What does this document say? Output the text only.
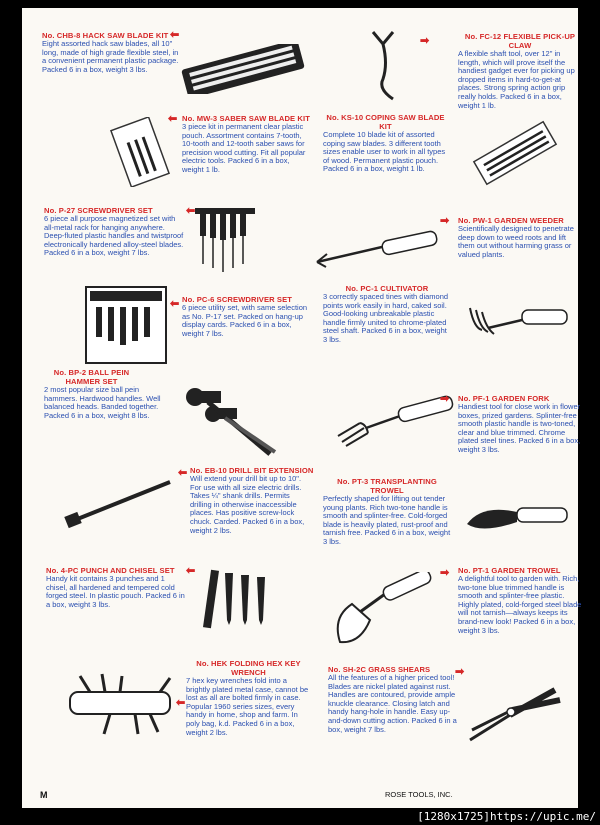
No. CHB-8 HACK SAW BLADE KIT
Eight assorted hack saw blades, all 10" long, made of high grade flexible steel, in a convenient permanent plastic package. Packed 6 in a box, weight 3 lbs.
⬅	➡	No. FC-12 FLEXIBLE PICK-UP CLAW
A flexible shaft tool, over 12" in length, which will prove itself the handiest gadget ever for picking up dropped items in hard-to-get-at places. Strong spring action grip really holds. Packed 6 in a box, weight 1 lb.
⬅ No. MW-3 SABER SAW BLADE KIT
3 piece kit in permanent clear plastic pouch. Assortment contains 7-tooth, 10-tooth and 12-tooth saber saws for precision wood cutting. Fit all popular electric tools. Packed 6 in a box, weight 1 lb.
No. KS-10 COPING SAW BLADE KIT
Complete 10 blade kit of assorted coping saw blades. 3 different tooth sizes enable user to work in all types of wood. Permanent plastic pouch. Packed 6 in a box, weight 1 lb.
No. P-27 SCREWDRIVER SET
6 piece all purpose magnetized set with all-metal rack for hanging anywhere. Deep-fluted plastic handles and twistproof electronically hardened alloy-steel blades. Packed 6 in a box, weight 7 lbs.
⬅
➡ No. PW-1 GARDEN WEEDER
Scientifically designed to penetrate deep down to weed roots and lift them out without harming grass or valued plants.
⬅ No. PC-6 SCREWDRIVER SET
6 piece utility set, with same selection as No. P-17 set. Packed on hang-up display cards. Packed 6 in a box, weight 7 lbs.
No. PC-1 CULTIVATOR
3 correctly spaced tines with diamond points work easily in hard, caked soil. Good-looking unbreakable plastic handle firmly united to chrome-plated steel shaft. Packed 6 in a box, weight 3 lbs.
No. BP-2 BALL PEIN HAMMER SET
2 most popular size ball pein hammers. Hardwood handles. Well balanced heads. Banded together. Packed 6 in a box, weight 8 lbs.
➡ No. PF-1 GARDEN FORK
Handiest tool for close work in flower boxes, prized gardens. Splinter-free smooth plastic handle is two-toned, clear and blue trimmed. Chrome plated steel tines. Packed 6 in a box, weight 3 lbs.
⬅ No. EB-10 DRILL BIT EXTENSION
Will extend your drill bit up to 10". For use with all size electric drills. Takes ¼" shank drills. Permits drilling in otherwise inaccessible places. Has positive screw-lock chuck. Carded. Packed 6 in a box, weight 2 lbs.
No. PT-3 TRANSPLANTING TROWEL
Perfectly shaped for lifting out tender young plants. Rich two-tone handle is smooth and splinter-free. Cold-forged blade is heavily plated, rust-proof and tarnish free. Packed 6 in a box, weight 3 lbs.
No. 4-PC PUNCH AND CHISEL SET
Handy kit contains 3 punches and 1 chisel, all hardened and tempered cold forged steel. In plastic pouch. Packed 6 in a box, weight 3 lbs.
⬅	➡ No. PT-1 GARDEN TROWEL
A delightful tool to garden with. Rich, two-tone blue trimmed handle is smooth and splinter-free plastic. Highly plated, cold-forged steel blade will not tarnish—always keeps its brand-new look! Packed 6 in a box, weight 3 lbs.
⬅
No. HEK FOLDING HEX KEY WRENCH
7 hex key wrenches fold into a brightly plated metal case, cannot be lost as all are bolted firmly in case. Popular 1960 series sizes, every handy in home, shop and farm. In poly bag, k.d. Packed 6 in a box, weight 2 lbs.
No. SH-2C GRASS SHEARS
All the features of a higher priced tool! Blades are nickel plated against rust. Handles are contoured, provide ample knuckle clearance. Closing latch and handy hang-hole in handle. Easy up-and-down cutting action. Packed 6 in a box, weight 7 lbs.
➡
M	ROSE TOOLS, INC.
[1280x1725]https://upic.me/
